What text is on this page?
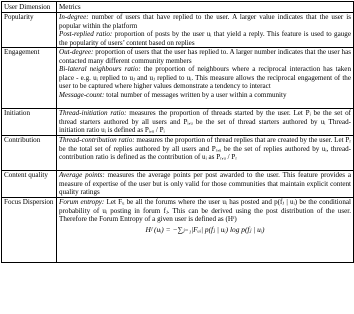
User Dimension	Metrics
Popularity	In-degree: number of users that have replied to the user. A larger value indicates that the user is popular within the platform
Post-replied ratio: proportion of posts by the user uᵢ that yield a reply. This feature is used to gauge the popularity of users’ content based on replies
Engagement	Out-degree: proportion of users that the user has replied to. A larger number indicates that the user has contacted many different community members
Bi-lateral neighbours ratio: the proportion of neighbours where a reciprocal interaction has taken place - e.g. uᵢ replied to uⱼ and uⱼ replied to uᵢ. This measure allows the reciprocal engagement of the user to be captured where higher values demonstrate a tendency to interact
Message-count: total number of messages written by a user within a community
Initiation	Thread-initiation ratio: measures the proportion of threads started by the user. Let Pᵢ be the set of thread starters authored by all users and Pᵢ,ᵤ be the set of thread starters authored by uᵢ Thread-initiation ratio uᵢ is defined as Pᵢ,ᵤ / Pᵢ
Contribution	Thread-contribution ratio: measures the proportion of thread replies that are created by the user. Let Pᵣ be the total set of replies authored by all users and Pᵣ,ᵤ be the set of replies authored by uᵢ, thread-contribution ratio is defined as the contribution of uᵢ as Pᵣ,ᵤ / Pᵣ
Content quality	Average points: measures the average points per post awarded to the user. This feature provides a measure of expertise of the user but is only valid for those communities that maintain explicit content quality ratings
Focus Dispersion	Forum entropy: Let Fᵤ be all the forums where the user uᵢ has posted and p(fⱼ | uᵢ) be the conditional probability of uᵢ posting in forum fⱼ. This can be derived using the post distribution of the user. Therefore the Forum Entropy of a given user is defined as (Hᶠ)
Hᶠ (uᵢ) = −∑ⱼ₌₁|Fᵤᵢ| p(fⱼ | uᵢ) log p(fⱼ | uᵢ)
